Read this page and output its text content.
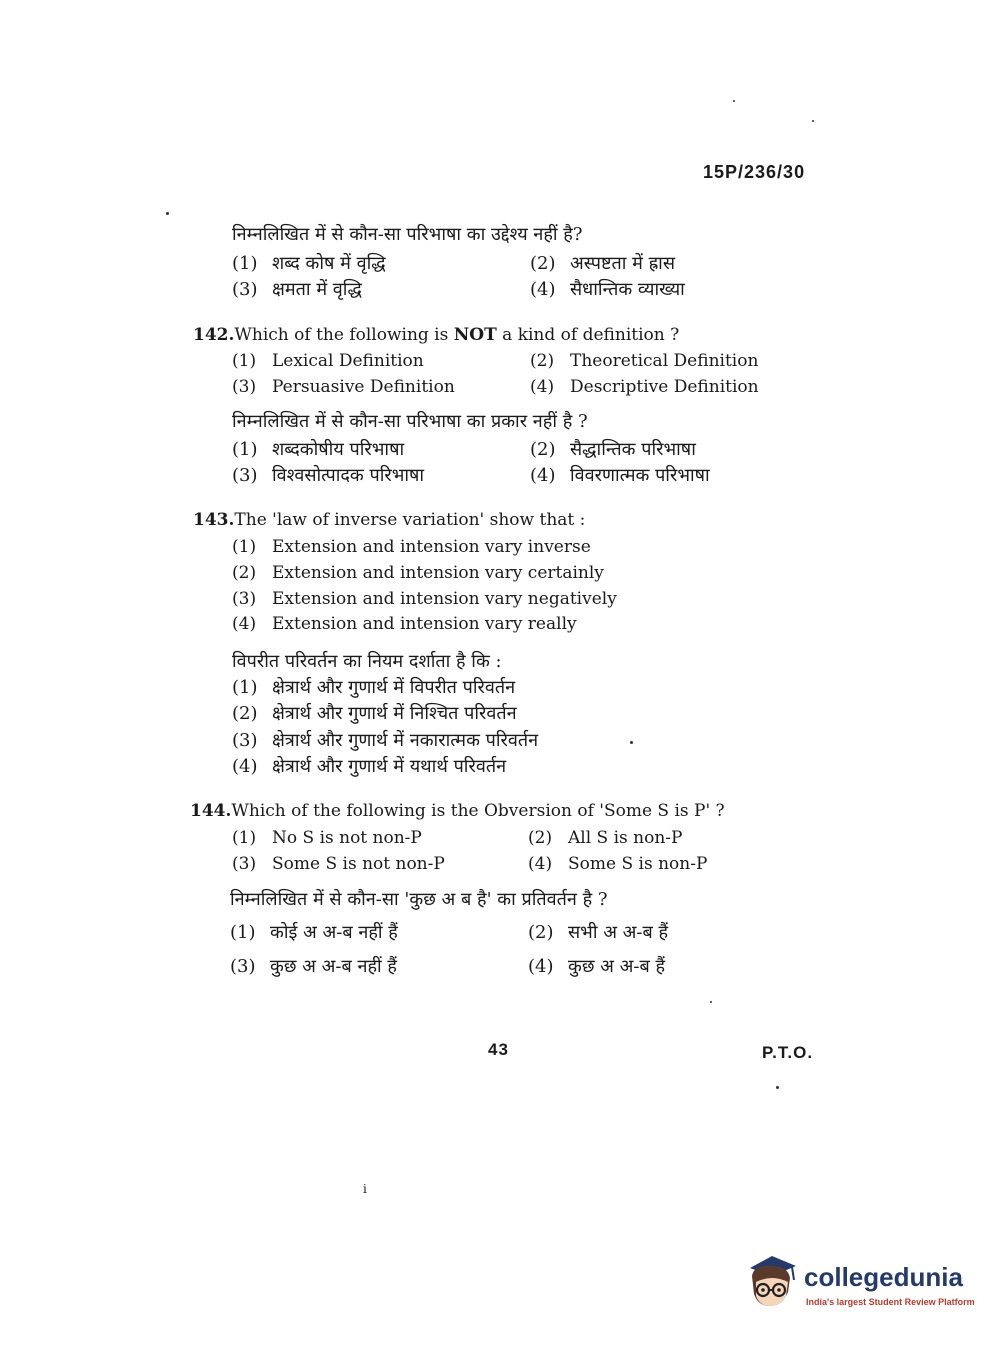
15P/236/30
निम्नलिखित में से कौन-सा परिभाषा का उद्देश्य नहीं है?
(1) शब्द कोष में वृद्धि	(2) अस्पष्टता में ह्रास
(3) क्षमता में वृद्धि	(4) सैधान्तिक व्याख्या
142.Which of the following is NOT a kind of definition ?
(1) Lexical Definition	(2) Theoretical Definition
(3) Persuasive Definition	(4) Descriptive Definition
निम्नलिखित में से कौन-सा परिभाषा का प्रकार नहीं है ?
(1) शब्दकोषीय परिभाषा	(2) सैद्धान्तिक परिभाषा
(3) विश्वसोत्पादक परिभाषा	(4) विवरणात्मक परिभाषा
143.The 'law of inverse variation' show that :
(1) Extension and intension vary inverse
(2) Extension and intension vary certainly
(3) Extension and intension vary negatively
(4) Extension and intension vary really
विपरीत परिवर्तन का नियम दर्शाता है कि :
(1) क्षेत्रार्थ और गुणार्थ में विपरीत परिवर्तन
(2) क्षेत्रार्थ और गुणार्थ में निश्चित परिवर्तन
(3) क्षेत्रार्थ और गुणार्थ में नकारात्मक परिवर्तन
(4) क्षेत्रार्थ और गुणार्थ में यथार्थ परिवर्तन
144.Which of the following is the Obversion of 'Some S is P' ?
(1) No S is not non-P	(2) All S is non-P
(3) Some S is not non-P	(4) Some S is non-P
निम्नलिखित में से कौन-सा 'कुछ अ ब है' का प्रतिवर्तन है ?
(1) कोई अ अ-ब नहीं हैं	(2) सभी अ अ-ब हैं
(3) कुछ अ अ-ब नहीं हैं	(4) कुछ अ अ-ब हैं
43	P.T.O.
i
collegedunia
India's largest Student Review Platform
